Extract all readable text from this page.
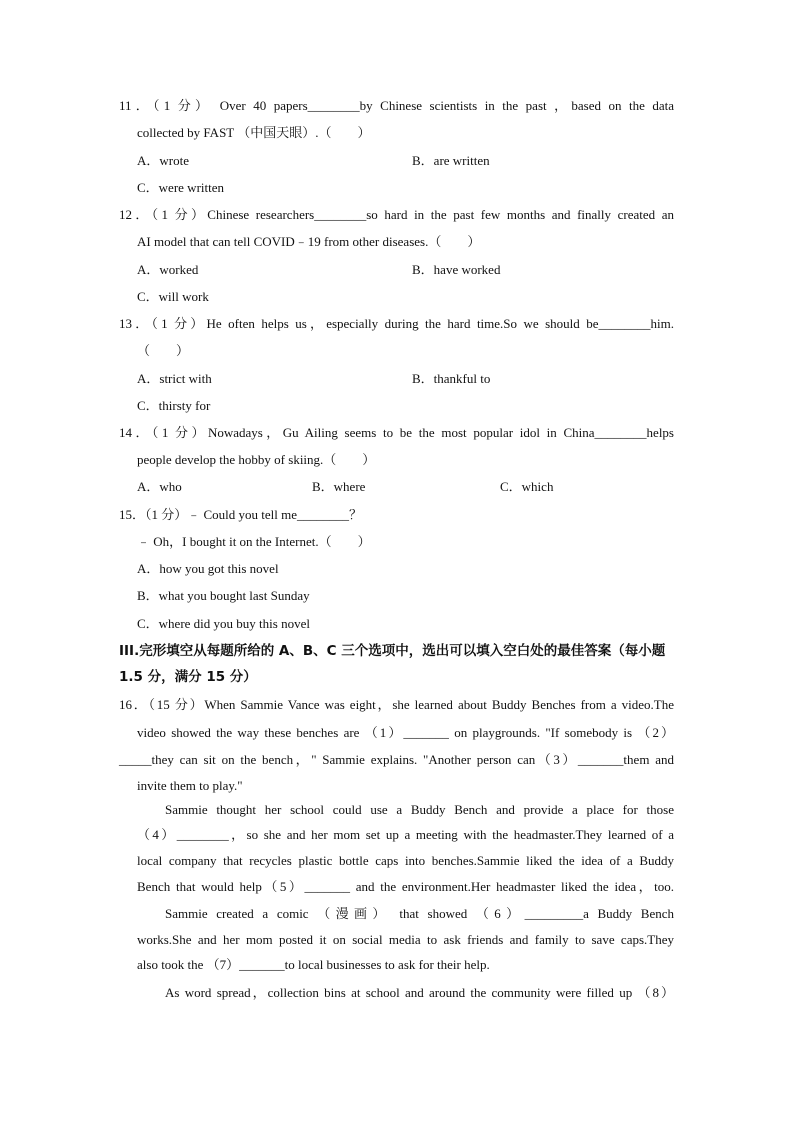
11．（1 分） Over 40 papers________by Chinese scientists in the past ，based on the data
collected by FAST （中国天眼）.（　　）
A．wrote	B．are written
C．were written
12．（1 分）Chinese researchers________so hard in the past few months and finally created an
AI model that can tell COVID﹣19 from other diseases.（　　）
A．worked	B．have worked
C．will work
13．（1 分）He often helps us，especially during the hard time.So we should be________him.
（　　）
A．strict with	B．thankful to
C．thirsty for
14．（1 分）Nowadays，Gu Ailing seems to be the most popular idol in China________helps
people develop the hobby of skiing.（　　）
A．who	B．where	C．which
15．（1 分）﹣ Could you tell me________？
﹣ Oh，I bought it on the Internet.（　　）
A．how you got this novel
B．what you bought last Sunday
C．where did you buy this novel
III.完形填空从每题所给的 A、B、C 三个选项中，选出可以填入空白处的最佳答案（每小题
1.5 分，满分 15 分）
16．（15 分）When Sammie Vance was eight，she learned about Buddy Benches from a video.The
video showed the way these benches are （1）_______ on playgrounds. "If somebody is （2）
_____they can sit on the bench，" Sammie explains. "Another person can（3）_______them and
invite them to play."
Sammie thought her school could use a Buddy Bench and provide a place for those
（4）________，so she and her mom set up a meeting with the headmaster.They learned of a
local company that recycles plastic bottle caps into benches.Sammie liked the idea of a Buddy
Bench that would help（5）_______ and the environment.Her headmaster liked the idea，too.
Sammie created a comic （漫画） that showed （6）_________a Buddy Bench
works.She and her mom posted it on social media to ask friends and family to save caps.They
also took the （7）_______to local businesses to ask for their help.
As word spread，collection bins at school and around the community were filled up （8）
